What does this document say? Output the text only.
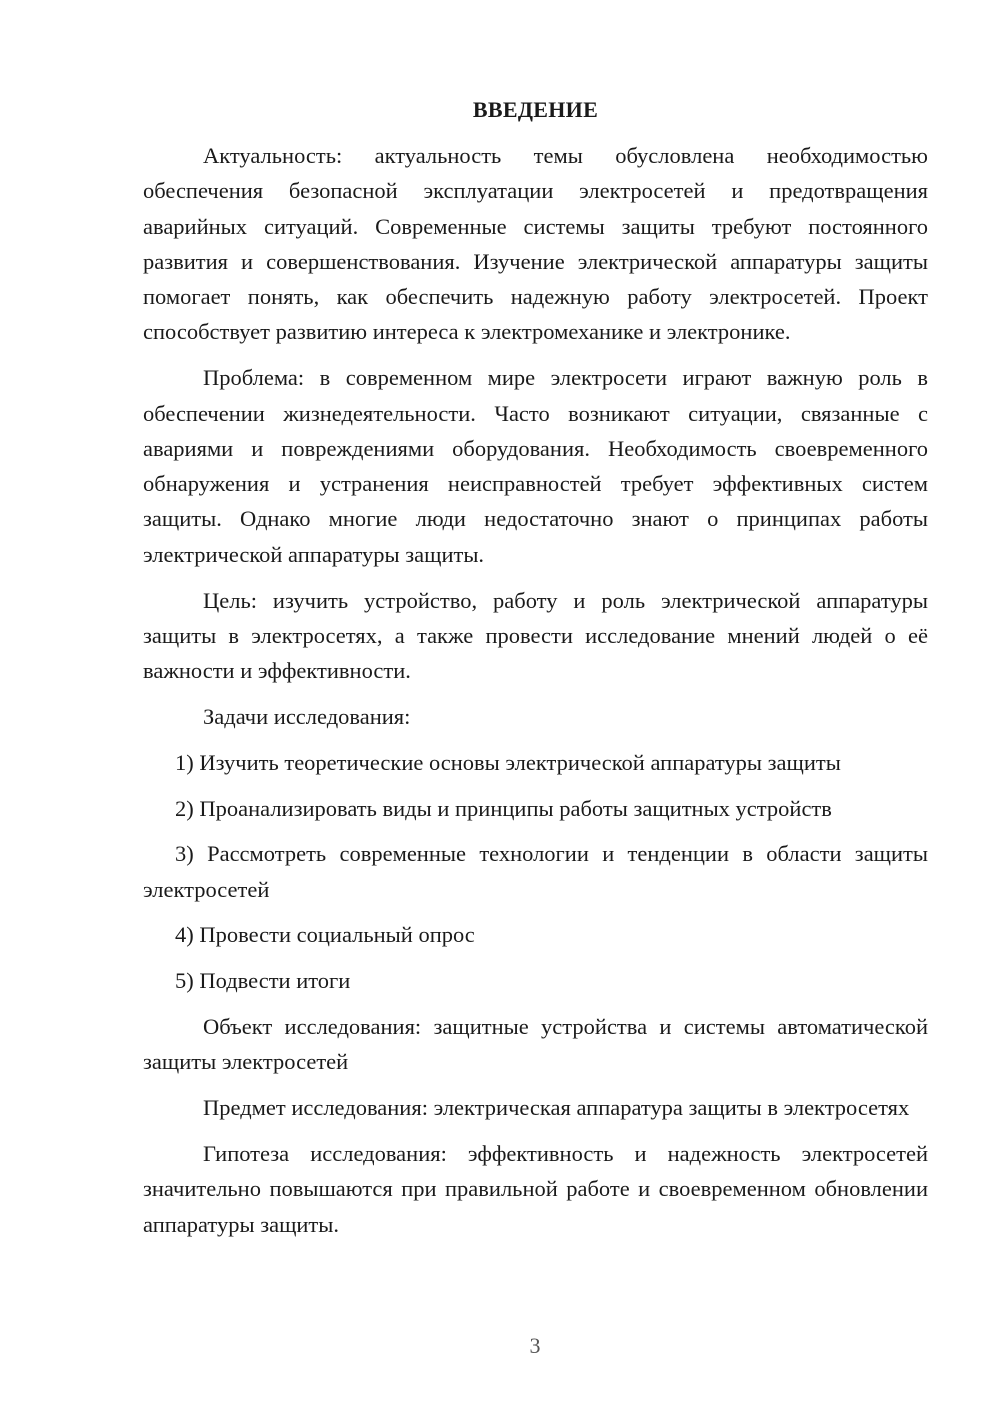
ВВЕДЕНИЕ

Актуальность: актуальность темы обусловлена необходимостью обеспечения безопасной эксплуатации электросетей и предотвращения аварийных ситуаций. Современные системы защиты требуют постоянного развития и совершенствования. Изучение электрической аппаратуры защиты помогает понять, как обеспечить надежную работу электросетей. Проект способствует развитию интереса к электромеханике и электронике.

Проблема: в современном мире электросети играют важную роль в обеспечении жизнедеятельности. Часто возникают ситуации, связанные с авариями и повреждениями оборудования. Необходимость своевременного обнаружения и устранения неисправностей требует эффективных систем защиты. Однако многие люди недостаточно знают о принципах работы электрической аппаратуры защиты.

Цель: изучить устройство, работу и роль электрической аппаратуры защиты в электросетях, а также провести исследование мнений людей о её важности и эффективности.

Задачи исследования:

1) Изучить теоретические основы электрической аппаратуры защиты

2) Проанализировать виды и принципы работы защитных устройств

3) Рассмотреть современные технологии и тенденции в области защиты электросетей

4) Провести социальный опрос

5) Подвести итоги

Объект исследования: защитные устройства и системы автоматической защиты электросетей

Предмет исследования: электрическая аппаратура защиты в электросетях

Гипотеза исследования: эффективность и надежность электросетей значительно повышаются при правильной работе и своевременном обновлении аппаратуры защиты.

3
